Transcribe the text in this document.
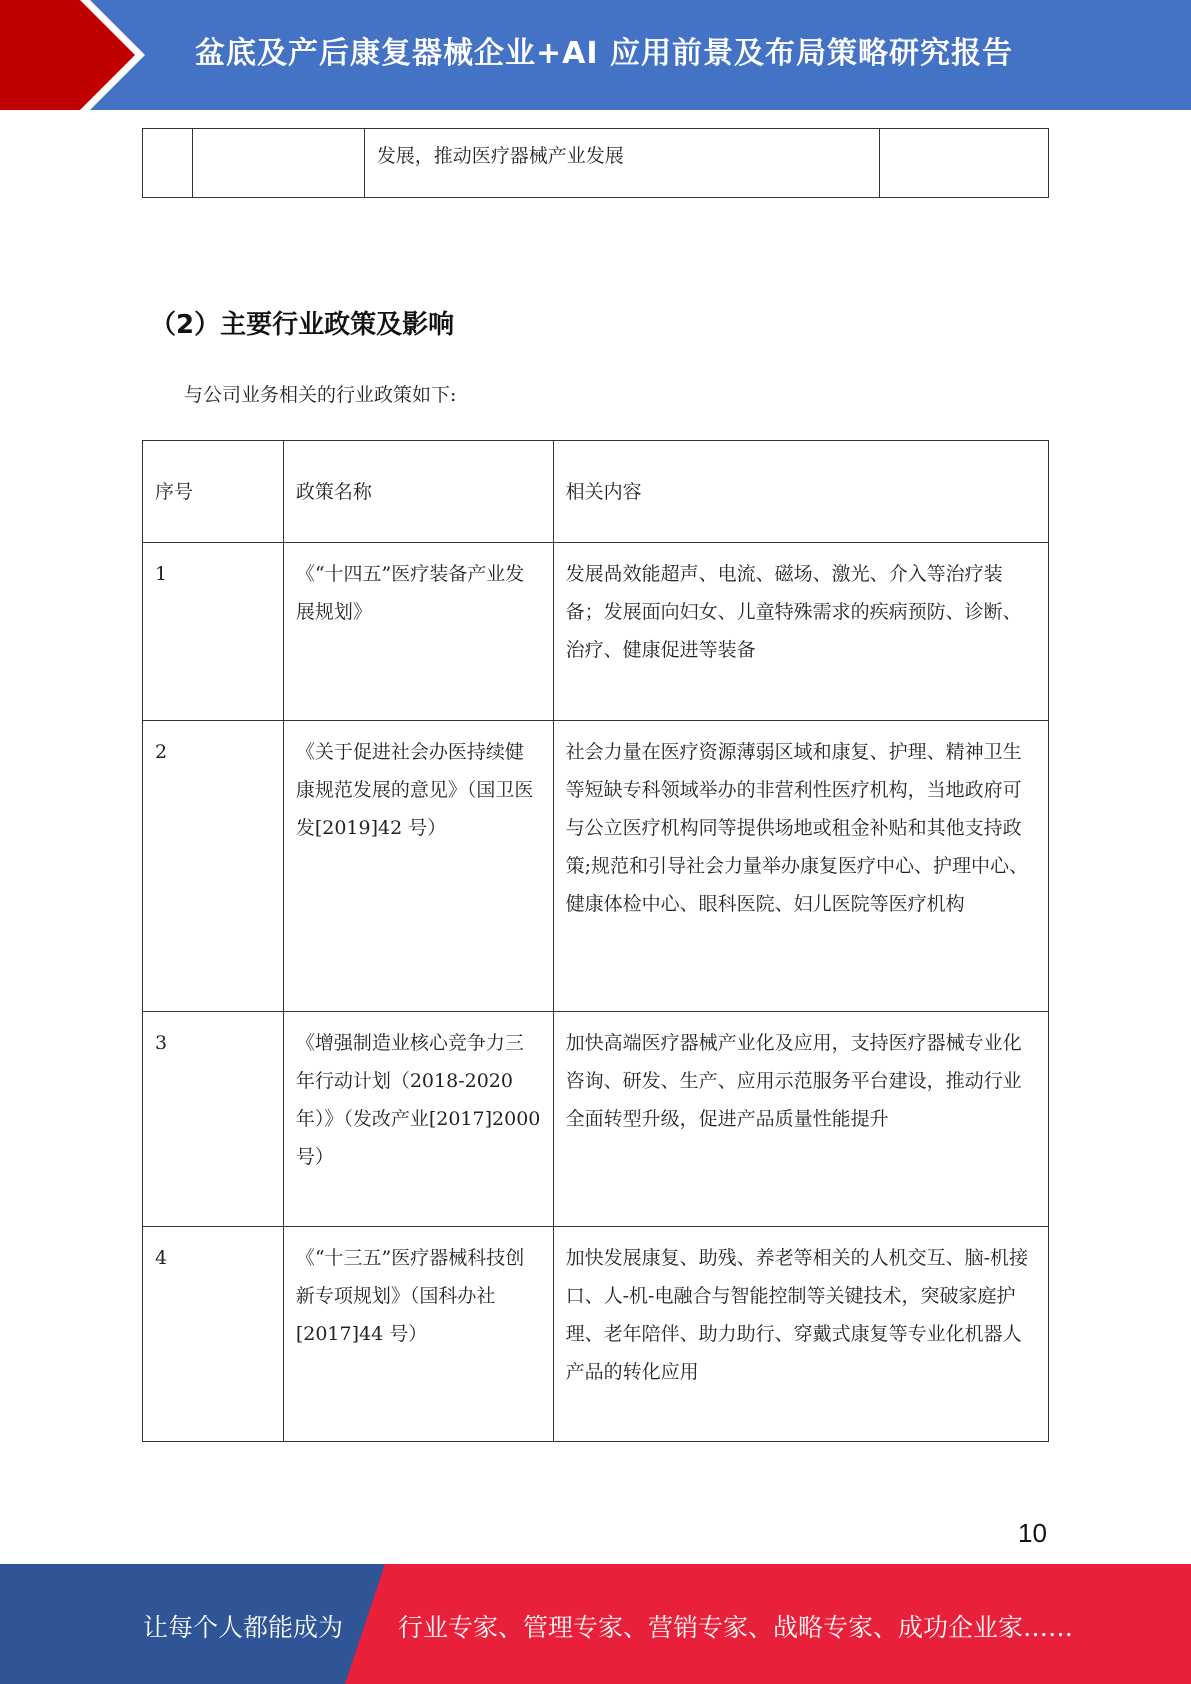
盆底及产后康复器械企业+AI 应用前景及布局策略研究报告
		发展，推动医疗器械产业发展	
（2）主要行业政策及影响
与公司业务相关的行业政策如下:
序号	政策名称	相关内容
1	《“十四五”医疗装备产业发展规划》	发展咼效能超声、电流、磁场、激光、介入等治疗装备；发展面向妇女、儿童特殊需求的疾病预防、诊断、治疗、健康促进等装备
2	《关于促进社会办医持续健康规范发展的意见》（国卫医发[2019]42 号）	社会力量在医疗资源薄弱区域和康复、护理、精神卫生等短缺专科领域举办的非营利性医疗机构，当地政府可与公立医疗机构同等提供场地或租金补贴和其他支持政策;规范和引导社会力量举办康复医疗中心、护理中心、健康体检中心、眼科医院、妇儿医院等医疗机构
3	《增强制造业核心竞争力三年行动计划（2018-2020 年）》（发改产业[2017]2000 号）	加快高端医疗器械产业化及应用，支持医疗器械专业化咨询、研发、生产、应用示范服务平台建设，推动行业全面转型升级，促进产品质量性能提升
4	《“十三五”医疗器械科技创新专项规划》（国科办社[2017]44 号）	加快发展康复、助残、养老等相关的人机交互、脑-机接口、人-机-电融合与智能控制等关键技术，突破家庭护理、老年陪伴、助力助行、穿戴式康复等专业化机器人产品的转化应用
10
让每个人都能成为 行业专家、管理专家、营销专家、战略专家、成功企业家……
